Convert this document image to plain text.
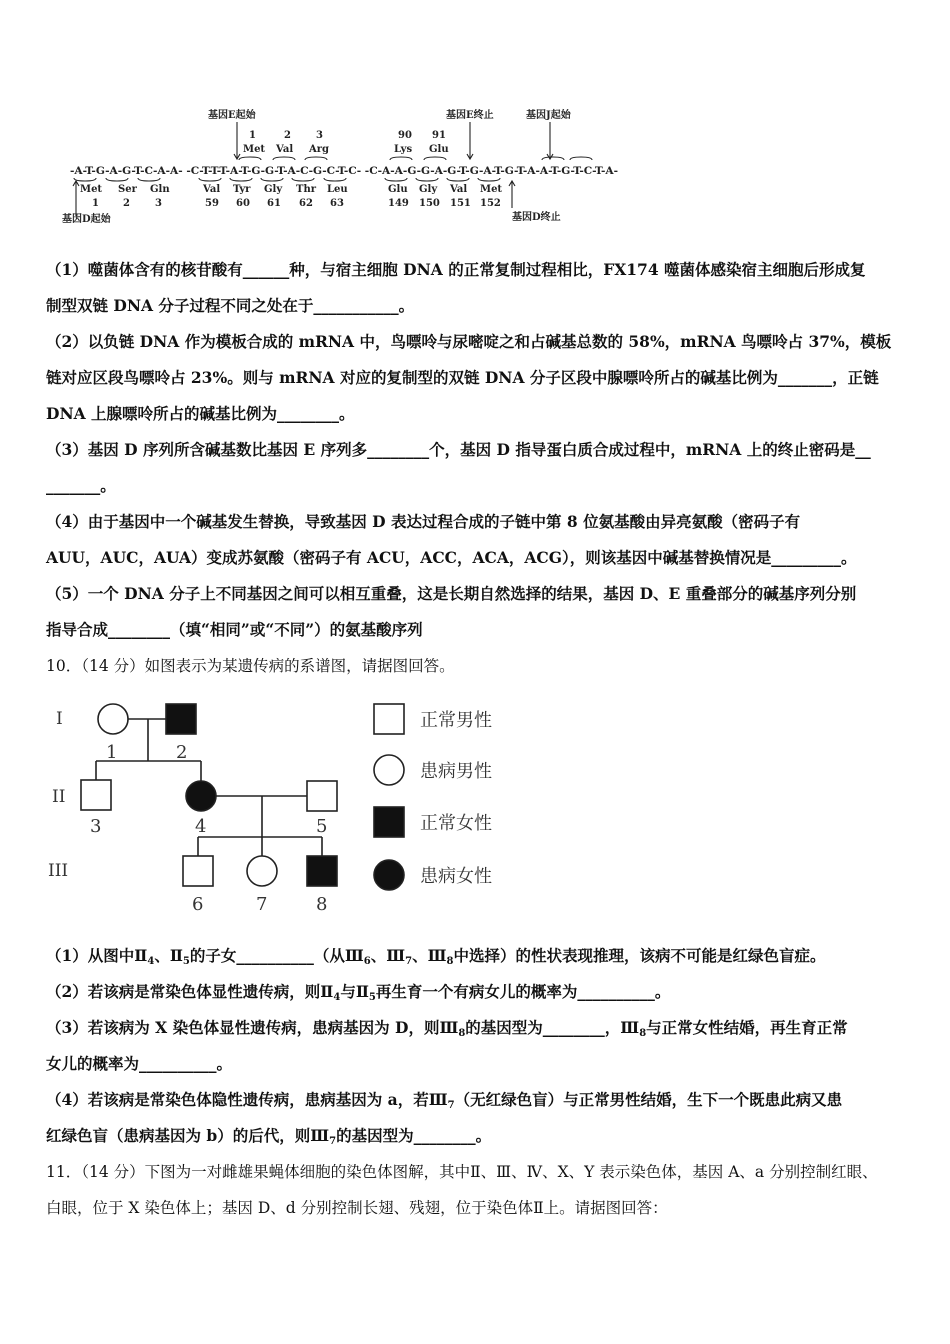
基因E起始	基因E终止	基因J起始
1	2	3	90 91
Met Val Arg	Lys Glu
-A-T-G-A-G-T-C-A-A- -C-T-T-T-A-T-G-G-T-A-C-G-C-T-C- -C-A-A-G-G-A-G-T-G-A-T-G-T-A-A-T-G-T-C-T-A-
Met Ser Gln	Val Tyr Gly Thr Leu	Glu Gly Val Met
1 2	3	59 60 61 62 63	149 150 151 152
基因D起始	基因D终止
（1）噬菌体含有的核苷酸有______种，与宿主细胞 DNA 的正常复制过程相比，FX174 噬菌体感染宿主细胞后形成复
制型双链 DNA 分子过程不同之处在于___________。
（2）以负链 DNA 作为模板合成的 mRNA 中，鸟嘌呤与尿嘧啶之和占碱基总数的 58%，mRNA 鸟嘌呤占 37%，模板
链对应区段鸟嘌呤占 23%。则与 mRNA 对应的复制型的双链 DNA 分子区段中腺嘌呤所占的碱基比例为_______，正链
DNA 上腺嘌呤所占的碱基比例为________。
（3）基因 D 序列所含碱基数比基因 E 序列多________个，基因 D 指导蛋白质合成过程中，mRNA 上的终止密码是__
_______。
（4）由于基因中一个碱基发生替换，导致基因 D 表达过程合成的子链中第 8 位氨基酸由异亮氨酸（密码子有
AUU，AUC，AUA）变成苏氨酸（密码子有 ACU，ACC，ACA，ACG），则该基因中碱基替换情况是_________。
（5）一个 DNA 分子上不同基因之间可以相互重叠，这是长期自然选择的结果，基因 D、E 重叠部分的碱基序列分别
指导合成________（填“相同”或“不同”）的氨基酸序列
10．（14 分）如图表示为某遗传病的系谱图，请据图回答。
I
II
III
1	2
3	4	5
6	7	8
正常男性
患病男性
正常女性
患病女性
（1）从图中$Ⅱ_4$、$Ⅱ_5$的子女__________（从$Ⅲ_6$、$Ⅲ_7$、$Ⅲ_8$中选择）的性状表现推理，该病不可能是红绿色盲症。
（2）若该病是常染色体显性遗传病，则$Ⅱ_4$与$Ⅱ_5$再生育一个有病女儿的概率为__________。
（3）若该病为 X 染色体显性遗传病，患病基因为 D，则$Ⅲ_8$的基因型为________，$Ⅲ_8$与正常女性结婚，再生育正常
女儿的概率为__________。
（4）若该病是常染色体隐性遗传病，患病基因为 a，若$Ⅲ_7$（无红绿色盲）与正常男性结婚，生下一个既患此病又患
红绿色盲（患病基因为 b）的后代，则$Ⅲ_7$的基因型为________。
11．（14 分）下图为一对雌雄果蝇体细胞的染色体图解，其中Ⅱ、Ⅲ、Ⅳ、X、Y 表示染色体，基因 A、a 分别控制红眼、
白眼，位于 X 染色体上；基因 D、d 分别控制长翅、残翅，位于染色体Ⅱ上。请据图回答：
